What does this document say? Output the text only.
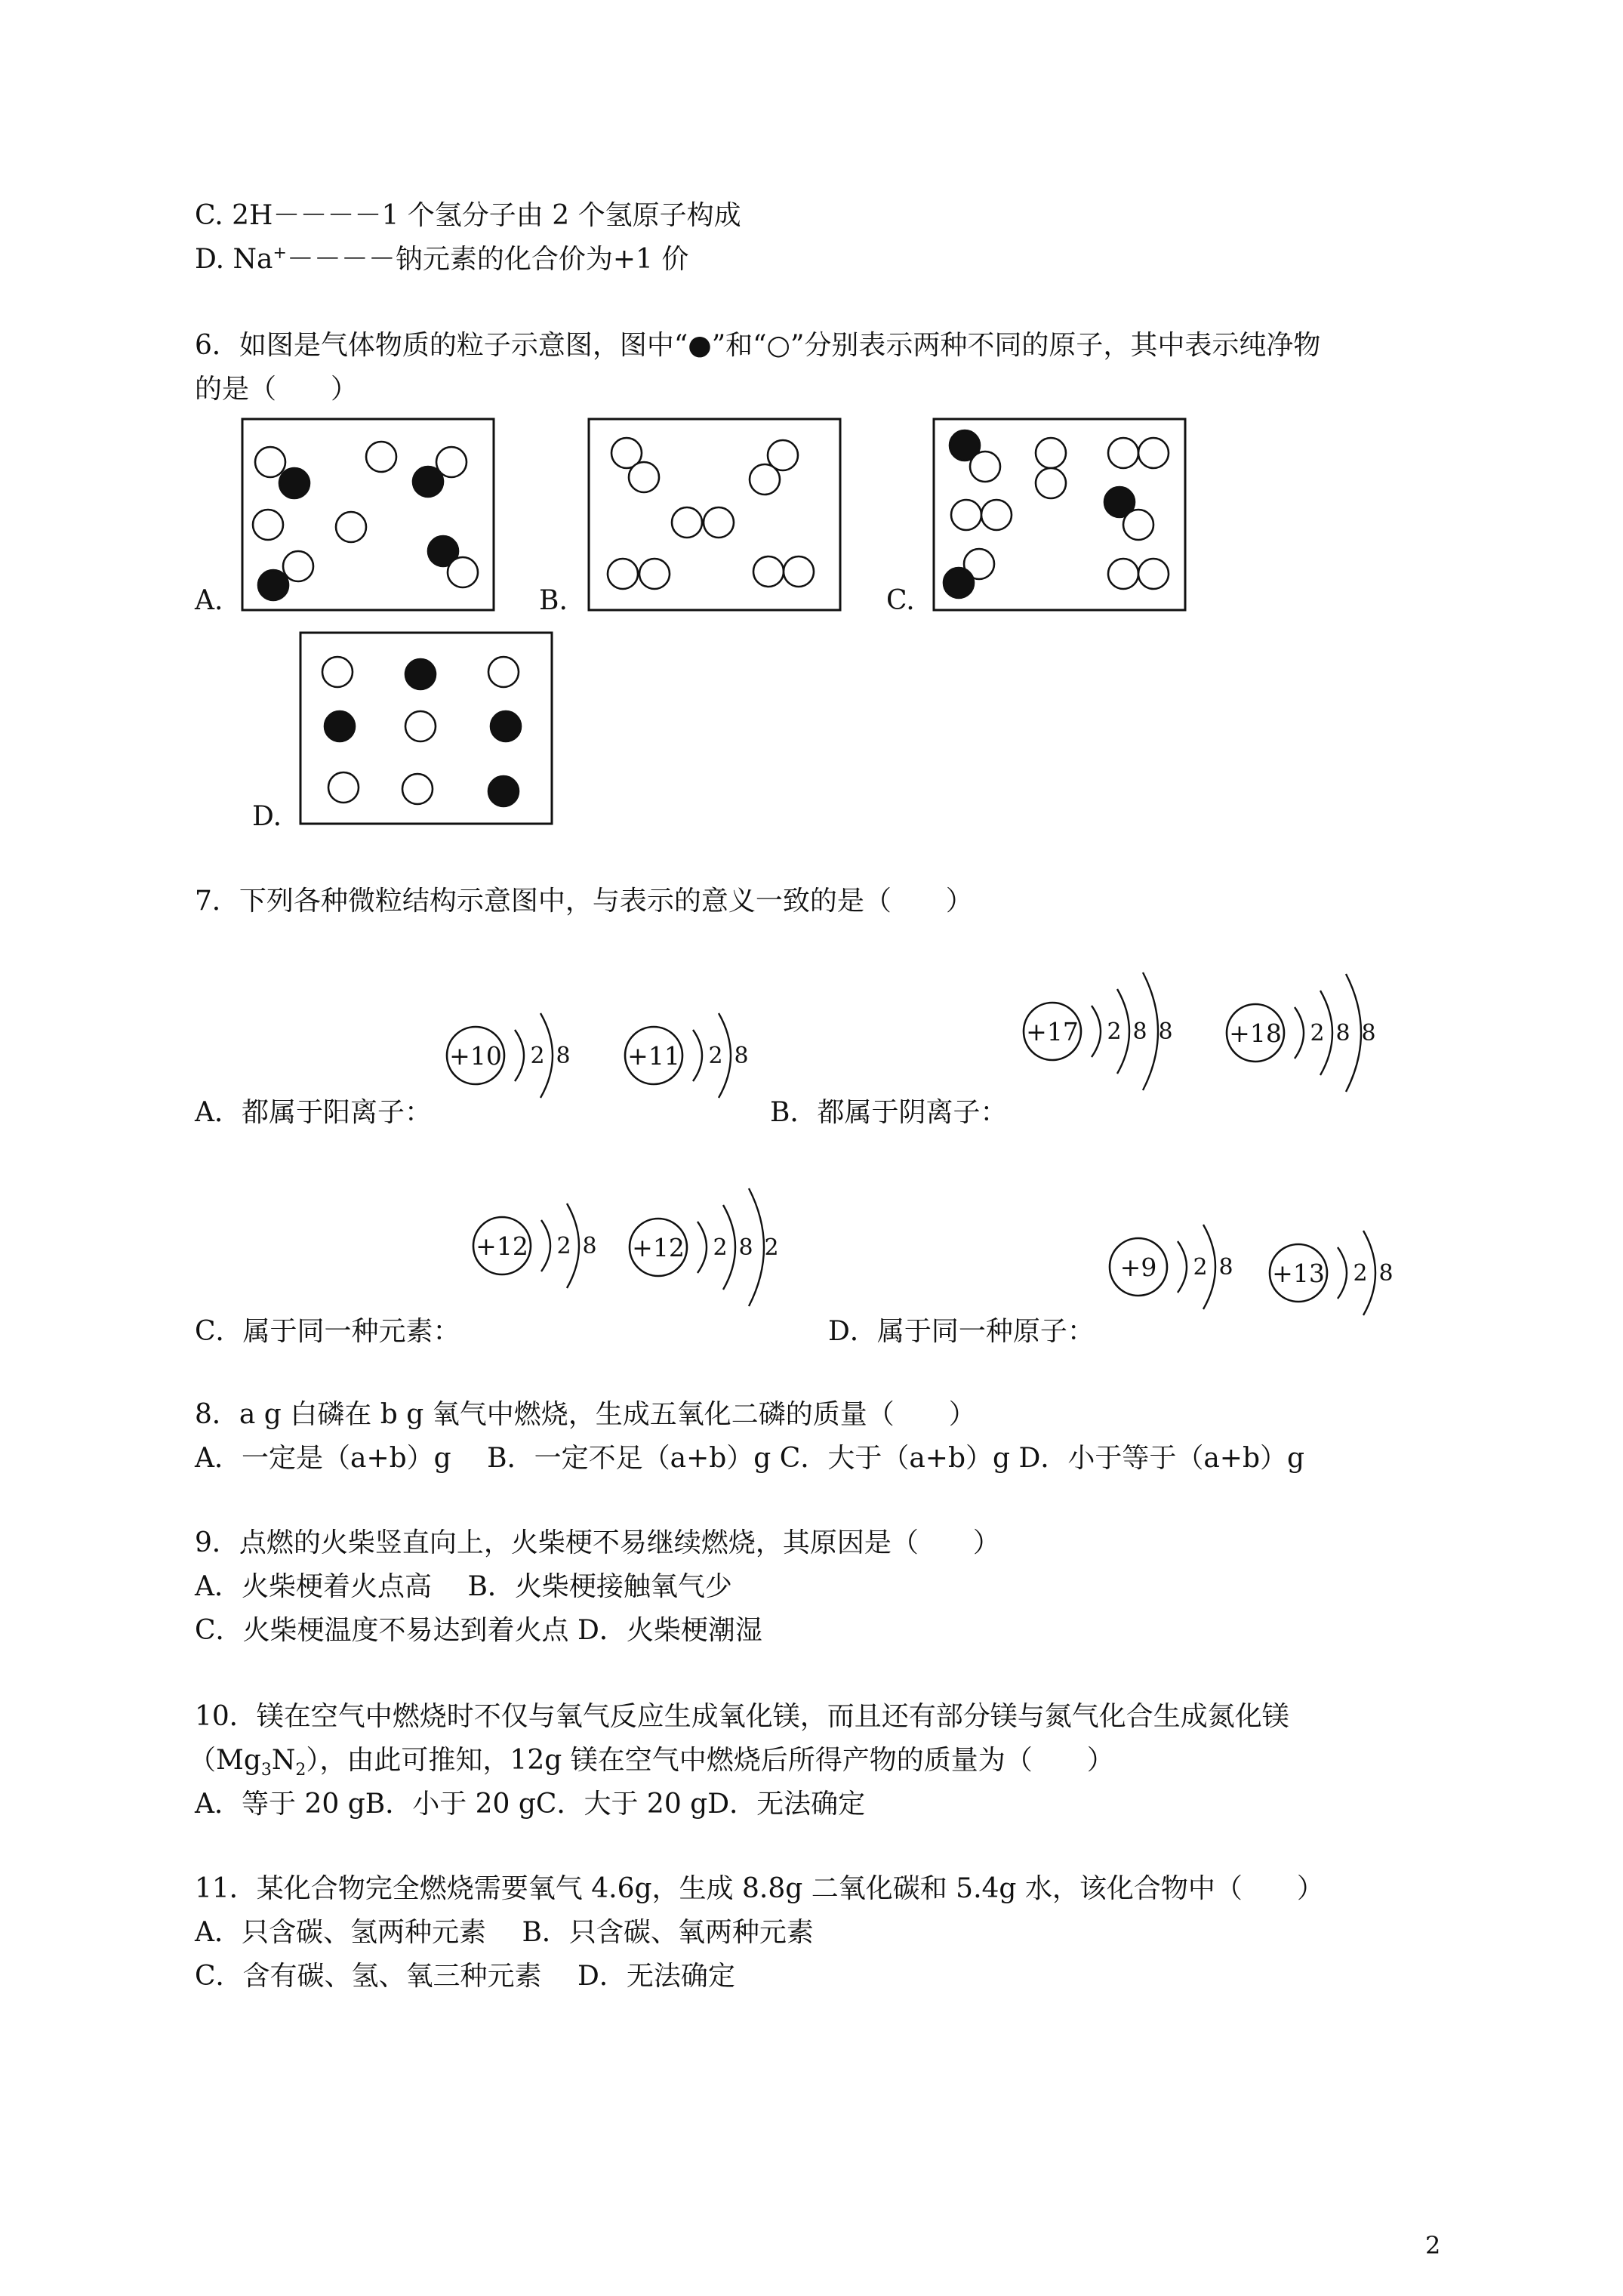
C. 2H－－－－1 个氢分子由 2 个氢原子构成
D. Na+－－－－钠元素的化合价为+1 价
6．如图是气体物质的粒子示意图，图中“●”和“○”分别表示两种不同的原子，其中表示纯净物
的是（　　）
A.	B.	C.
D.
+10 2 8 +11 2 8
+17 2 8 8 +18 2 8 8
+12 2 8 +12 2 8 2
+9 2 8 +13 2 8
7．下列各种微粒结构示意图中，与表示的意义一致的是（　　）
A．都属于阳离子：	B．都属于阴离子：
C．属于同一种元素：	D．属于同一种原子：
8．a g 白磷在 b g 氧气中燃烧，生成五氧化二磷的质量（　　）
A．一定是（a+b）g　 B．一定不足（a+b）g C．大于（a+b）g D．小于等于（a+b）g
9．点燃的火柴竖直向上，火柴梗不易继续燃烧，其原因是（　　）
A．火柴梗着火点高　 B．火柴梗接触氧气少
C．火柴梗温度不易达到着火点 D．火柴梗潮湿
10．镁在空气中燃烧时不仅与氧气反应生成氧化镁，而且还有部分镁与氮气化合生成氮化镁
$(Mg_3N_2)$，由此可推知，12g 镁在空气中燃烧后所得产物的质量为（　　）
A．等于 20 gB．小于 20 gC．大于 20 gD．无法确定
11．某化合物完全燃烧需要氧气 4.6g，生成 8.8g 二氧化碳和 5.4g 水，该化合物中（　　）
A．只含碳、氢两种元素　 B．只含碳、氧两种元素
C．含有碳、氢、氧三种元素　 D．无法确定
2
